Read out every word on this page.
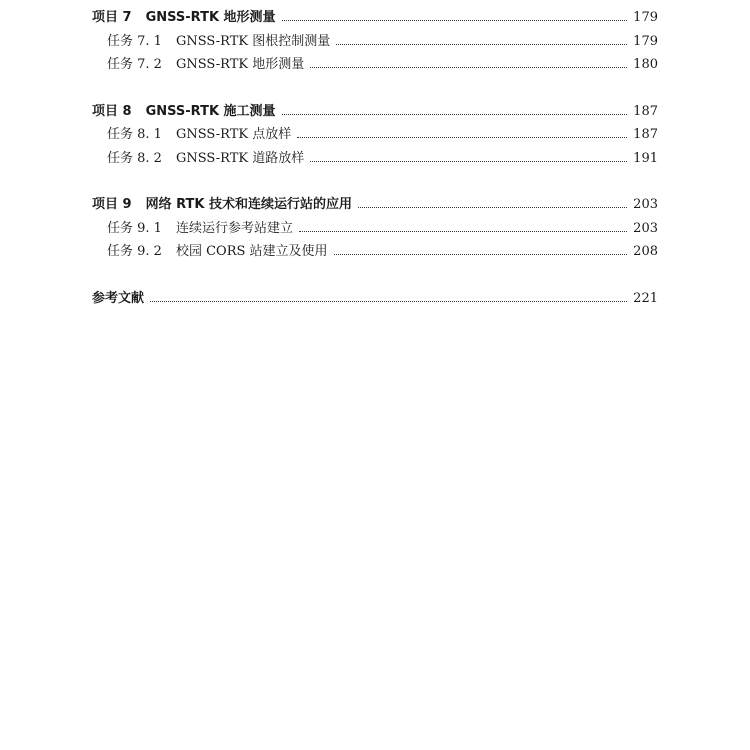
项目 7 GNSS-RTK 地形测量	179
任务 7. 1 GNSS-RTK 图根控制测量	179
任务 7. 2 GNSS-RTK 地形测量	180
项目 8 GNSS-RTK 施工测量	187
任务 8. 1 GNSS-RTK 点放样	187
任务 8. 2 GNSS-RTK 道路放样	191
项目 9 网络 RTK 技术和连续运行站的应用	203
任务 9. 1 连续运行参考站建立	203
任务 9. 2 校园 CORS 站建立及使用	208
参考文献	221
